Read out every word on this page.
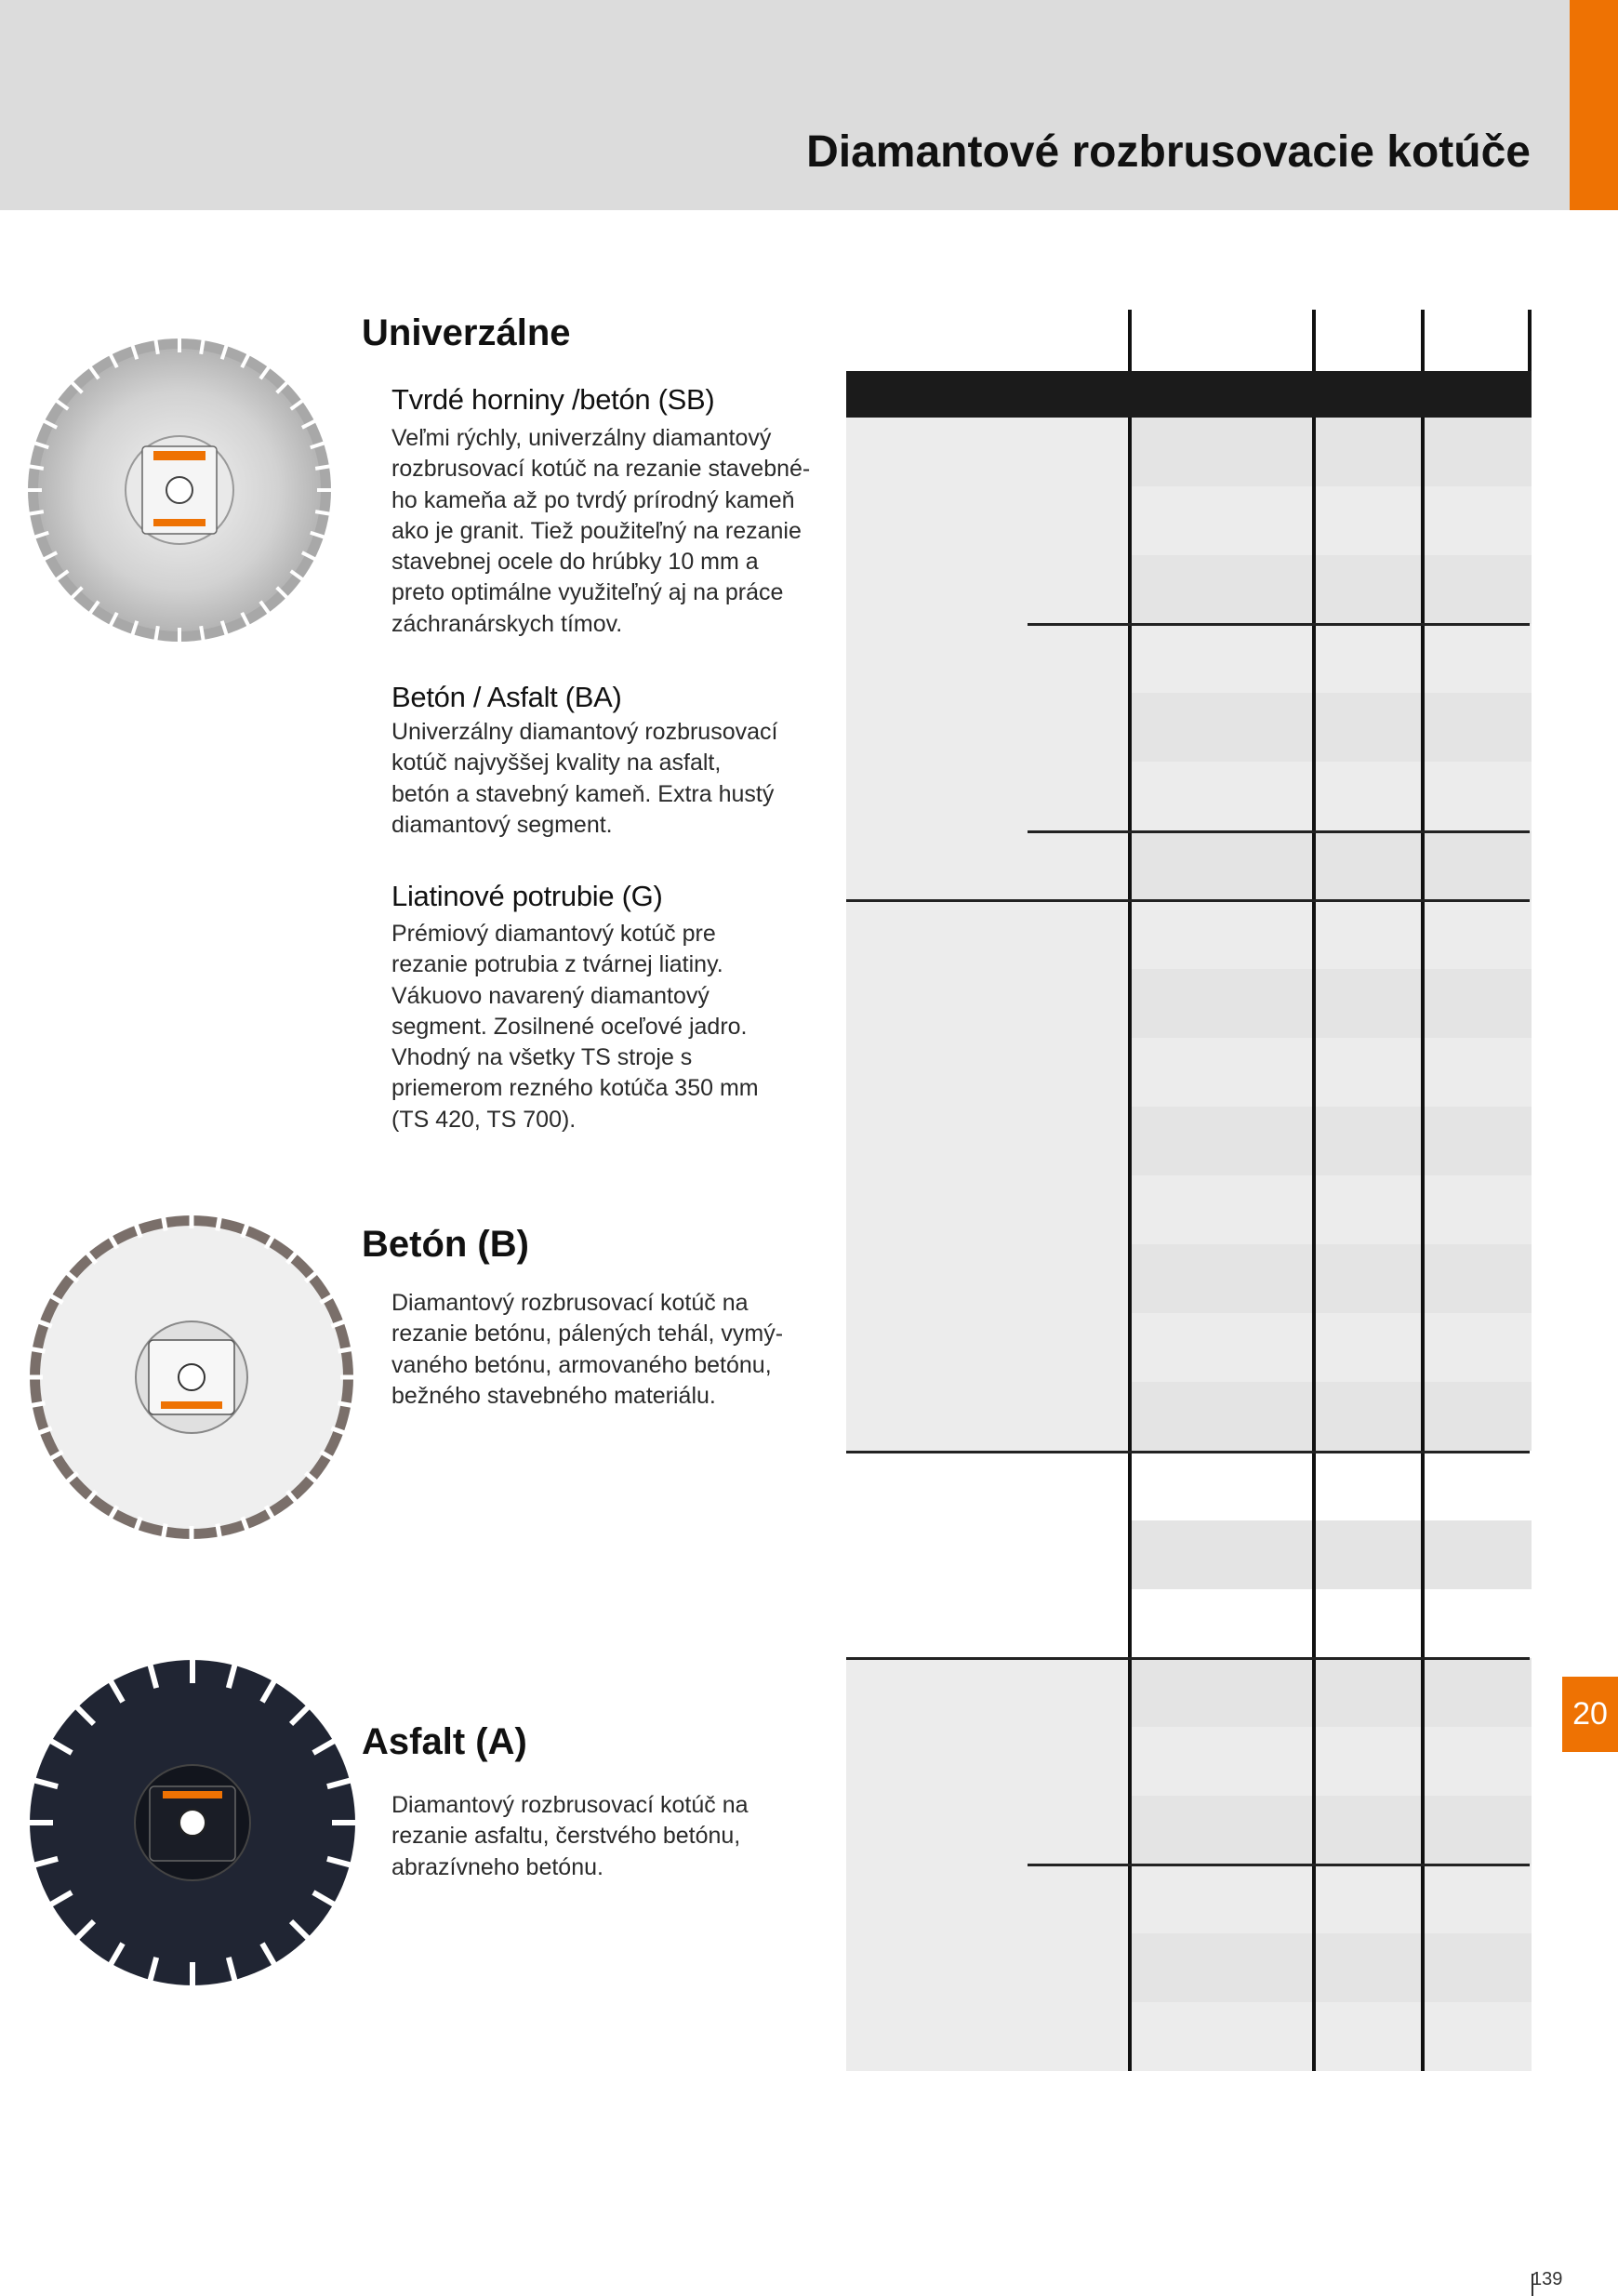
Diamantové rozbrusovacie kotúče
20
139
Univerzálne
Tvrdé horniny /betón (SB)
Veľmi rýchly, univerzálny diamantový
rozbrusovací kotúč na rezanie stavebné-
ho kameňa až po tvrdý prírodný kameň
ako je granit. Tiež použiteľný na rezanie
stavebnej ocele do hrúbky 10 mm a
preto optimálne využiteľný aj na práce
záchranárskych tímov.
Betón / Asfalt (BA)
Univerzálny diamantový rozbrusovací
kotúč najvyššej kvality na asfalt,
betón a stavebný kameň. Extra hustý
diamantový segment.
Liatinové potrubie (G)
Prémiový diamantový kotúč pre
rezanie potrubia z tvárnej liatiny.
Vákuovo navarený diamantový
segment. Zosilnené oceľové jadro.
Vhodný na všetky TS stroje s
priemerom rezného kotúča 350 mm
(TS 420, TS 700).
Betón (B)
Diamantový rozbrusovací kotúč na
rezanie betónu, pálených tehál, vymý-
vaného betónu, armovaného betónu,
bežného stavebného materiálu.
Asfalt (A)
Diamantový rozbrusovací kotúč na
rezanie asfaltu, čerstvého betónu,
abrazívneho betónu.
